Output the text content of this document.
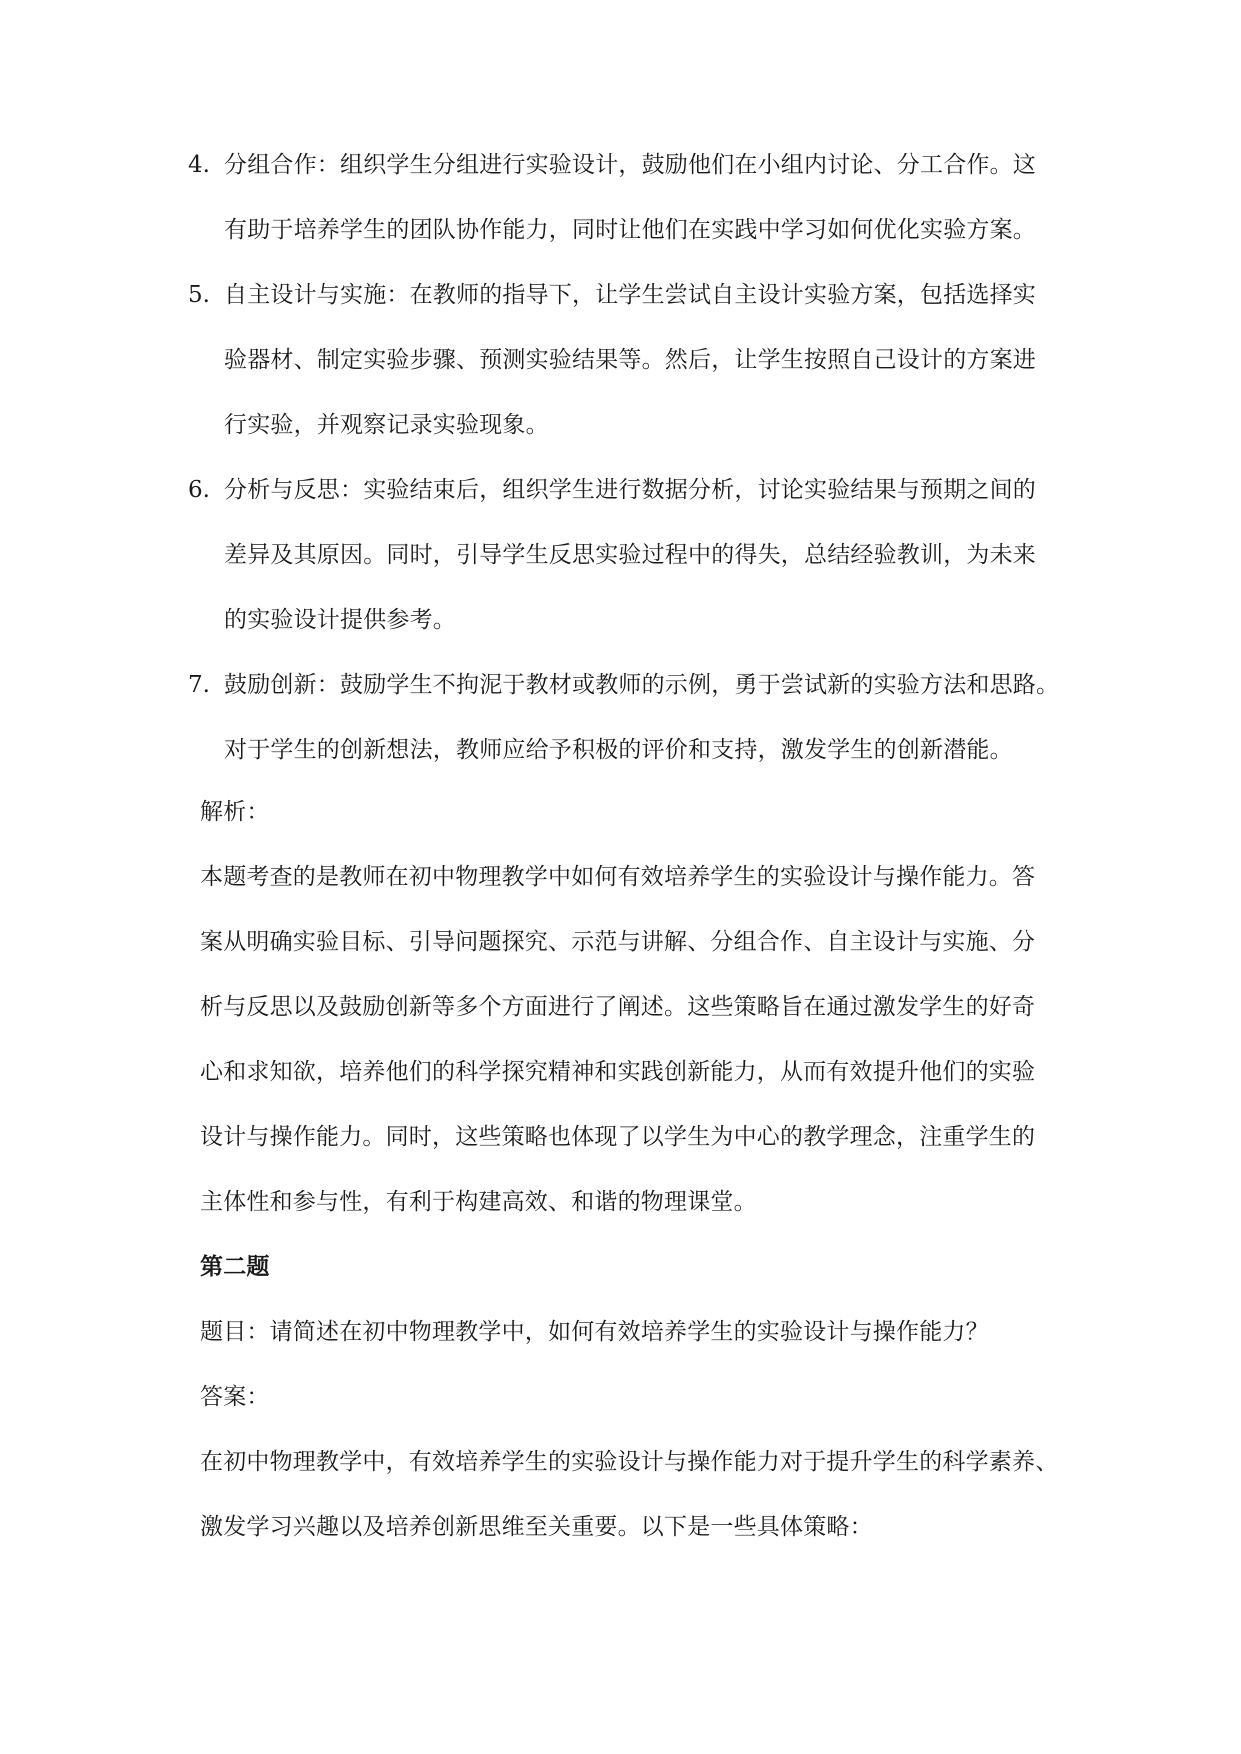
4. 分组合作：组织学生分组进行实验设计，鼓励他们在小组内讨论、分工合作。这
有助于培养学生的团队协作能力，同时让他们在实践中学习如何优化实验方案。
5. 自主设计与实施：在教师的指导下，让学生尝试自主设计实验方案，包括选择实
验器材、制定实验步骤、预测实验结果等。然后，让学生按照自己设计的方案进
行实验，并观察记录实验现象。
6. 分析与反思：实验结束后，组织学生进行数据分析，讨论实验结果与预期之间的
差异及其原因。同时，引导学生反思实验过程中的得失，总结经验教训，为未来
的实验设计提供参考。
7. 鼓励创新：鼓励学生不拘泥于教材或教师的示例，勇于尝试新的实验方法和思路。
对于学生的创新想法，教师应给予积极的评价和支持，激发学生的创新潜能。
解析：
本题考查的是教师在初中物理教学中如何有效培养学生的实验设计与操作能力。答
案从明确实验目标、引导问题探究、示范与讲解、分组合作、自主设计与实施、分
析与反思以及鼓励创新等多个方面进行了阐述。这些策略旨在通过激发学生的好奇
心和求知欲，培养他们的科学探究精神和实践创新能力，从而有效提升他们的实验
设计与操作能力。同时，这些策略也体现了以学生为中心的教学理念，注重学生的
主体性和参与性，有利于构建高效、和谐的物理课堂。
第二题
题目：请简述在初中物理教学中，如何有效培养学生的实验设计与操作能力？
答案：
在初中物理教学中，有效培养学生的实验设计与操作能力对于提升学生的科学素养、
激发学习兴趣以及培养创新思维至关重要。以下是一些具体策略：
